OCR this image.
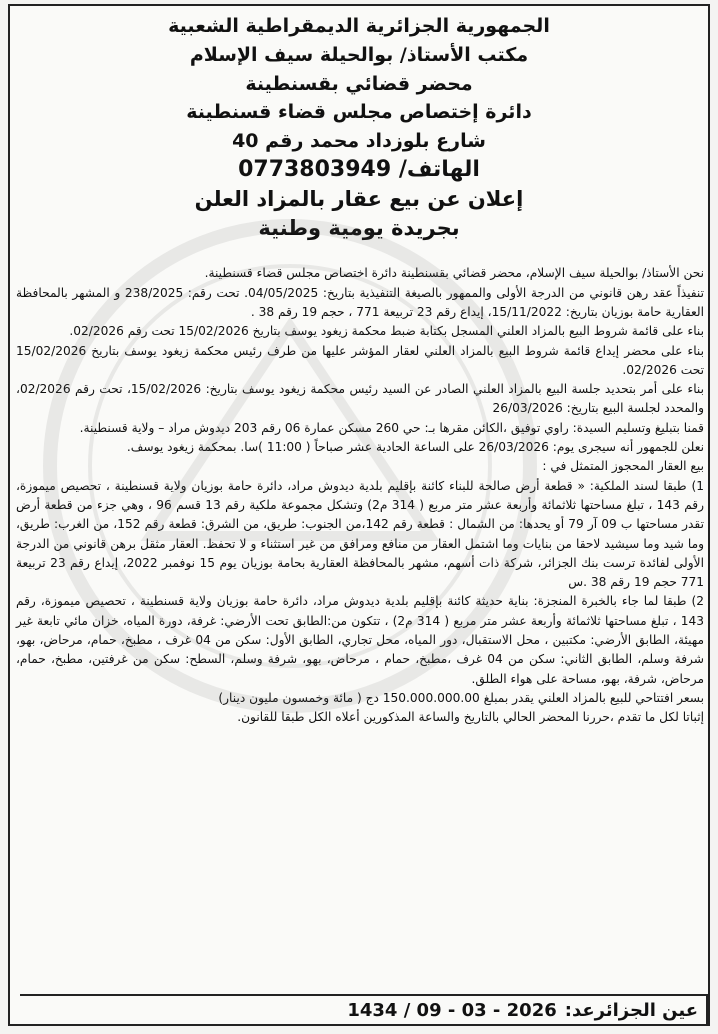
الجمهورية الجزائرية الديمقراطية الشعبية
مكتب الأستاذ/ بوالحيلة سيف الإسلام
محضر قضائي بقسنطينة
دائرة إختصاص مجلس قضاء قسنطينة
شارع بلوزداد محمد رقم 40
الهاتف/ 0773803949
إعلان عن بيع عقار بالمزاد العلن
بجريدة يومية وطنية

نحن الأستاذ/ بوالحيلة سيف الإسلام، محضر قضائي بقسنطينة دائرة اختصاص مجلس قضاء قسنطينة.

تنفيذاً عقد رهن قانوني من الدرجة الأولى والممهور بالصيغة التنفيذية بتاريخ: 04/05/2025. تحت رقم: 238/2025 و المشهر بالمحافظة العقارية حامة بوزيان بتاريخ: 15/11/2022، إيداع رقم 23 تربيعة 771 ، حجم 19 رقم 38 .

بناء على قائمة شروط البيع بالمزاد العلني المسجل بكتابة ضبط محكمة زيغود يوسف بتاريخ 15/02/2026 تحت رقم 02/2026.

بناء على محضر إيداع قائمة شروط البيع بالمزاد العلني لعقار المؤشر عليها من طرف رئيس محكمة زيغود يوسف بتاريخ 15/02/2026 تحت 02/2026.

بناء على أمر بتحديد جلسة البيع بالمزاد العلني الصادر عن السيد رئيس محكمة زيغود يوسف بتاريخ: 15/02/2026، تحت رقم 02/2026، والمحدد لجلسة البيع بتاريخ: 26/03/2026

قمنا بتبليغ وتسليم السيدة: راوي توفيق ،الكائن مقرها بـ: حي 260 مسكن عمارة 06 رقم 203 ديدوش مراد – ولاية قسنطينة.

نعلن للجمهور أنه سيجرى يوم: 26/03/2026 على الساعة الحادية عشر صباحاً ( 11:00 )سا. بمحكمة زيغود يوسف.

بيع العقار المحجوز المتمثل في :

1) طبقا لسند الملكية: « قطعة أرض صالحة للبناء كائنة بإقليم بلدية ديدوش مراد، دائرة حامة بوزيان ولاية قسنطينة ، تحصيص ميموزة، رقم 143 ، تبلغ مساحتها ثلاثمائة وأربعة عشر متر مربع ( 314 م2) وتشكل مجموعة ملكية رقم 13 قسم 96 ، وهي جزء من قطعة أرض تقدر مساحتها ب 09 آر 79 أو يحدها: من الشمال : قطعة رقم 142،من الجنوب: طريق، من الشرق: قطعة رقم 152، من الغرب: طريق، وما شيد وما سيشيد لاحقا من بنايات وما اشتمل العقار من منافع ومرافق من غير استثناء و لا تحفظ. العقار مثقل برهن قانوني من الدرجة الأولى لفائدة ترست بنك الجزائر، شركة ذات أسهم، مشهر بالمحافظة العقارية بحامة بوزيان يوم 15 نوفمبر 2022، إيداع رقم 23 تربيعة 771 حجم 19 رقم 38 .س

2) طبقا لما جاء بالخبرة المنجزة: بناية حديثة كائنة بإقليم بلدية ديدوش مراد، دائرة حامة بوزيان ولاية قسنطينة ، تحصيص ميموزة، رقم 143 ، تبلغ مساحتها ثلاثمائة وأربعة عشر متر مربع ( 314 م2) ، تتكون من:الطابق تحت الأرضي: غرفة، دورة المياه، خزان مائي تابعة غير مهيئة، الطابق الأرضي: مكتبين ، محل الاستقبال، دور المياه، محل تجاري، الطابق الأول: سكن من 04 غرف ، مطبخ، حمام، مرحاض، بهو، شرفة وسلم، الطابق الثاني: سكن من 04 غرف ،مطبخ، حمام ، مرحاض، بهو، شرفة وسلم، السطح: سكن من غرفتين، مطبخ، حمام، مرحاض، شرفة، بهو، مساحة على هواء الطلق.

بسعر افتتاحي للبيع بالمزاد العلني يقدر بمبلغ 150.000.000.00 دج ( مائة وخمسون مليون دينار)

إثباتا لكل ما تقدم ،حررنا المحضر الحالي بالتاريخ والساعة المذكورين أعلاه الكل طبقا للقانون.

عين الجزائرعد:
1434 / 09 - 03 - 2026
